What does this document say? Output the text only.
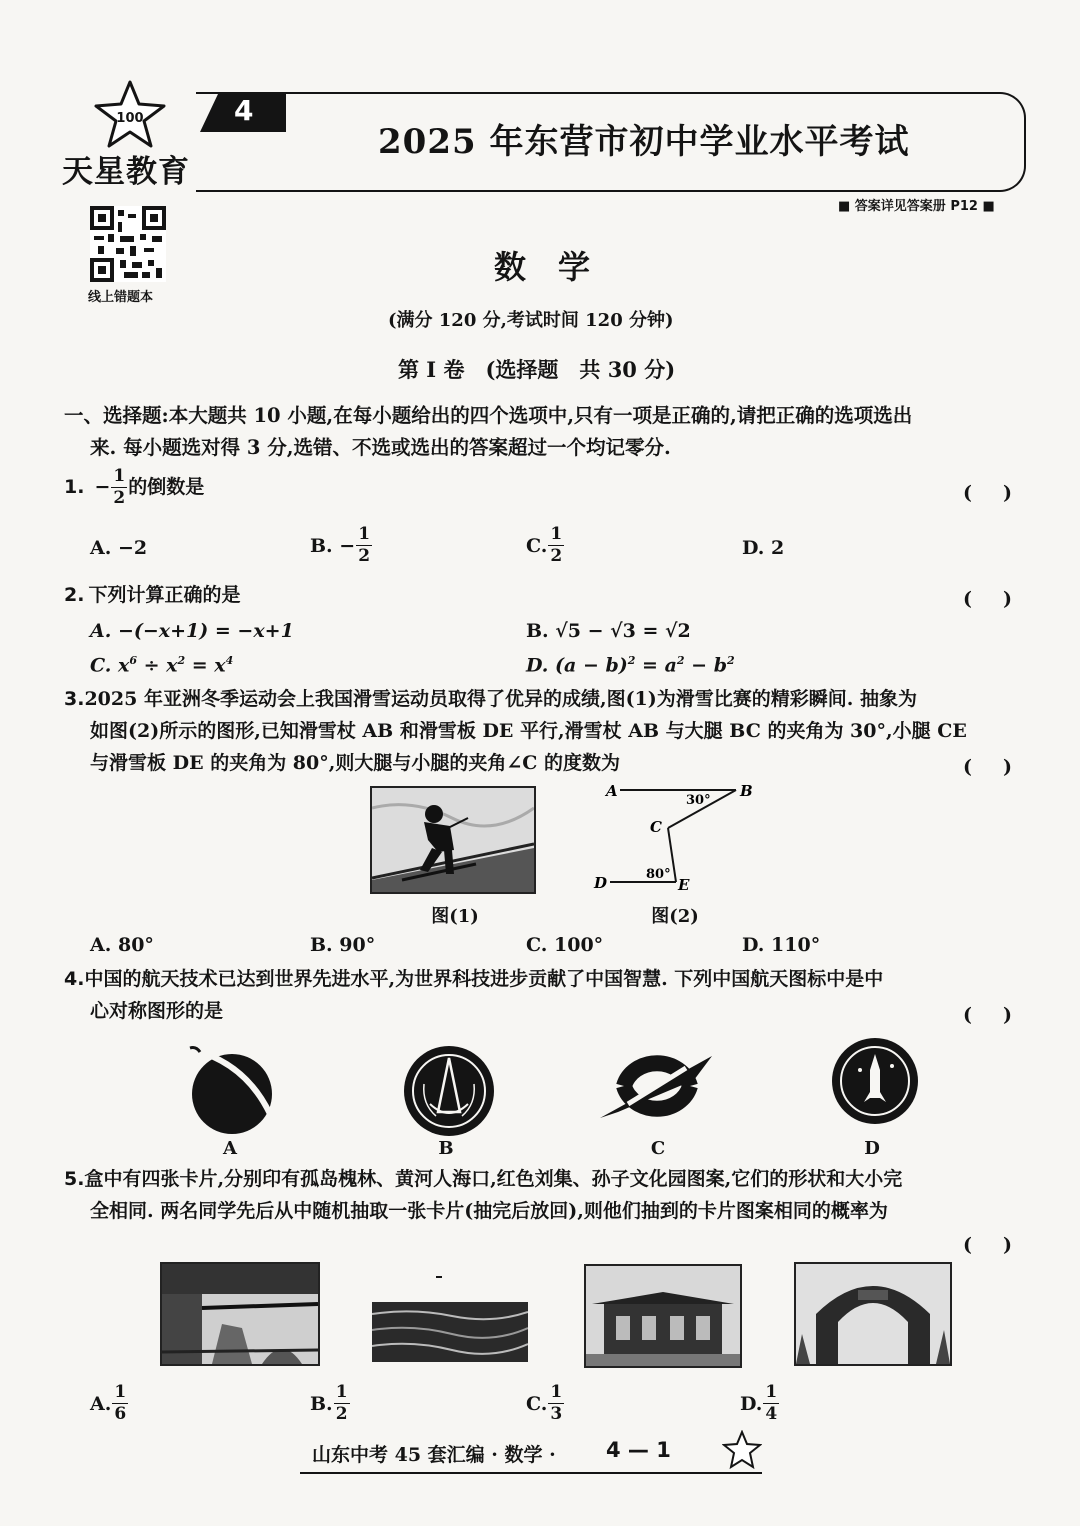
100
天星教育
4
2025 年东营市初中学业水平考试
■ 答案详见答案册 P12 ■
线上错题本
数　学
(满分 120 分,考试时间 120 分钟)
第 I 卷　(选择题　共 30 分)
一、选择题:本大题共 10 小题,在每小题给出的四个选项中,只有一项是正确的,请把正确的选项选出
来. 每小题选对得 3 分,选错、不选或选出的答案超过一个均记零分.
1. − $\frac{1}{2}$ 的倒数是	(　)
A. −2	B. − $\frac{1}{2}$	C. $\frac{1}{2}$	D. 2
2. 下列计算正确的是	(　)
A. −(−x+1) = −x+1	B. √5 − √3 = √2
C. $x^6 \div x^2 = x^4$	D. $(a - b)^2 = a^2 - b^2$
3.2025 年亚洲冬季运动会上我国滑雪运动员取得了优异的成绩,图(1)为滑雪比赛的精彩瞬间. 抽象为
如图(2)所示的图形,已知滑雪杖 AB 和滑雪板 DE 平行,滑雪杖 AB 与大腿 BC 的夹角为 30°,小腿 CE
与滑雪板 DE 的夹角为 80°,则大腿与小腿的夹角∠C 的度数为	(　)
图(1)
A	B
C
D	E
30°
80°
图(2)
A. 80°	B. 90°	C. 100°	D. 110°
4.中国的航天技术已达到世界先进水平,为世界科技进步贡献了中国智慧. 下列中国航天图标中是中
心对称图形的是	(　)
A	B	C	D
5.盒中有四张卡片,分别印有孤岛槐林、黄河人海口,红色刘集、孙子文化园图案,它们的形状和大小完
全相同. 两名同学先后从中随机抽取一张卡片(抽完后放回),则他们抽到的卡片图案相同的概率为
(　)
A. $\frac{1}{6}$	B. $\frac{1}{2}$	C. $\frac{1}{3}$	D. $\frac{1}{4}$
山东中考 45 套汇编 · 数学 · 4 — 1
